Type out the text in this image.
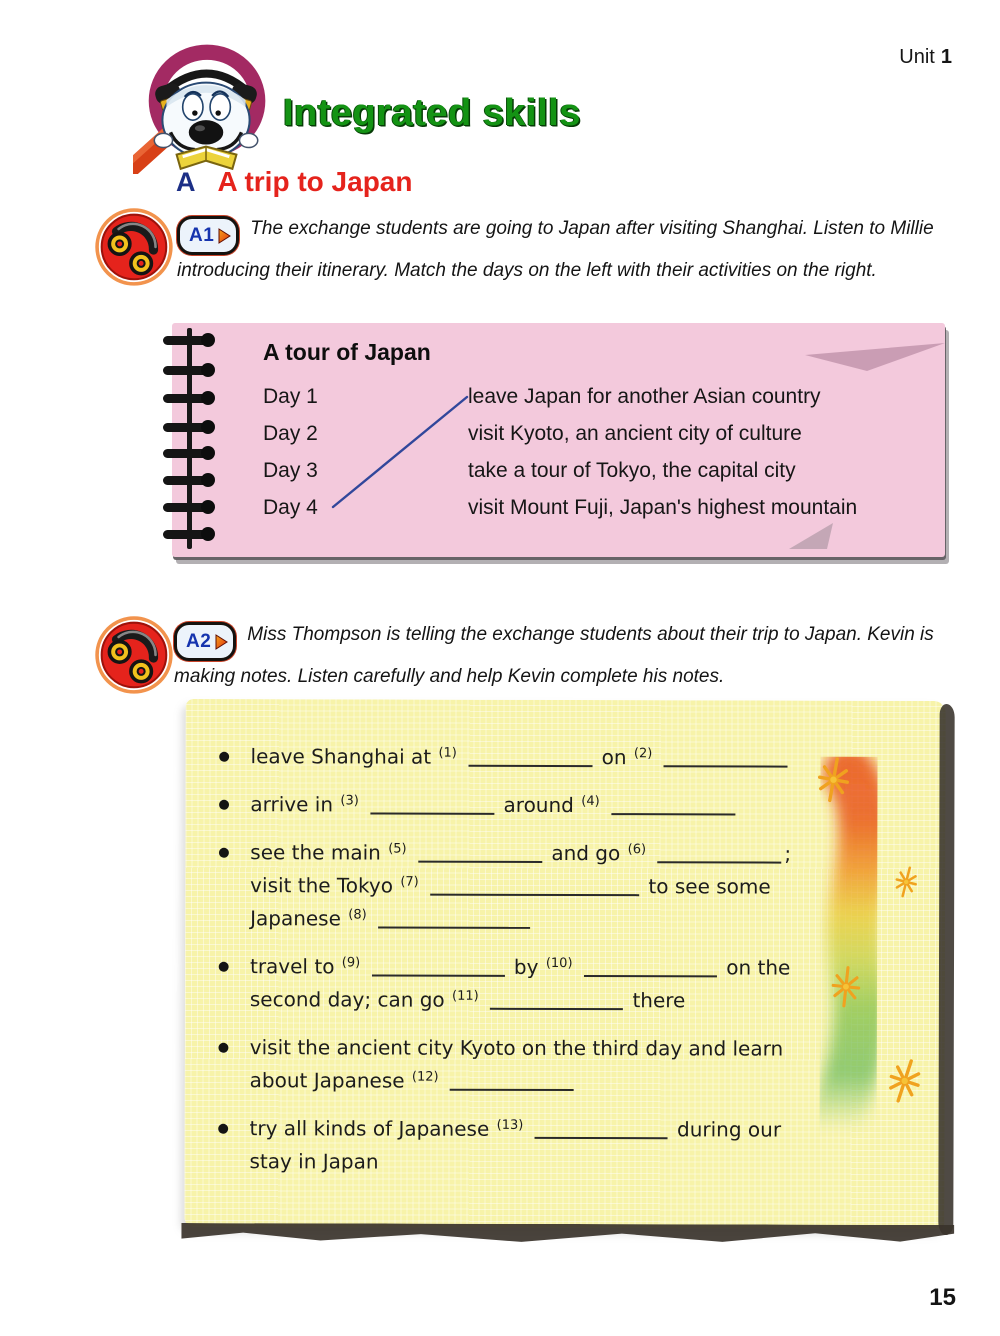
Unit 1
Integrated skills
A A trip to Japan

A1 The exchange students are going to Japan after visiting Shanghai. Listen to Millie introducing their itinerary. Match the days on the left with their activities on the right.

A tour of Japan
Day 1	leave Japan for another Asian country
Day 2	visit Kyoto, an ancient city of culture
Day 3	take a tour of Tokyo, the capital city
Day 4	visit Mount Fuji, Japan's highest mountain

A2 Miss Thompson is telling the exchange students about their trip to Japan. Kevin is making notes. Listen carefully and help Kevin complete his notes.

● leave Shanghai at $^{(1)}$	on $^{(2)}$
● arrive in $^{(3)}$	around $^{(4)}$
● see the main $^{(5)}$	and go $^{(6)}$	;
visit the Tokyo $^{(7)}$	to see some
Japanese $^{(8)}$
● travel to $^{(9)}$	by $^{(10)}$	on the
second day; can go $^{(11)}$	there
● visit the ancient city Kyoto on the third day and learn
about Japanese $^{(12)}$
● try all kinds of Japanese $^{(13)}$	during our
stay in Japan
15
